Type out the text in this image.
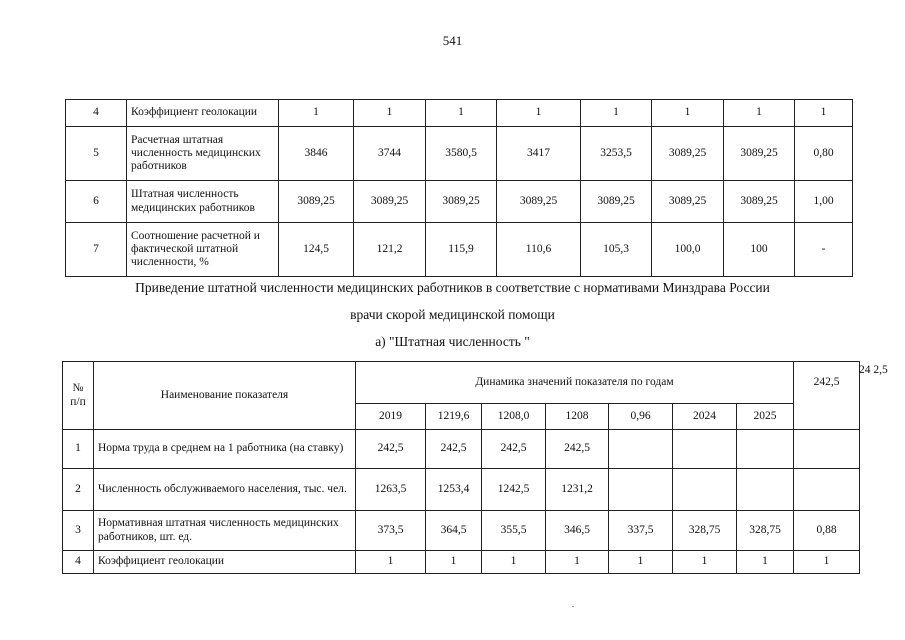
541
4	Коэффициент геолокации	1	1	1	1	1	1	1	1
5	Расчетная штатная численность медицинских работников	3846	3744	3580,5	3417	3253,5	3089,25	3089,25	0,80
6	Штатная численность медицинских работников	3089,25	3089,25	3089,25	3089,25	3089,25	3089,25	3089,25	1,00
7	Соотношение расчетной и фактической штатной численности, %	124,5	121,2	115,9	110,6	105,3	100,0	100	-
Приведение штатной численности медицинских работников в соответствие с нормативами Минздрава России
врачи скорой медицинской помощи
а) "Штатная численность "
№ п/п	Наименование показателя	Динамика значений показателя по годам							242,5
		2019	1219,6	1208,0	1208	0,96	2024	2025	
1	Норма труда в среднем на 1 работника (на ставку)	242,5	242,5	242,5	242,5				
2	Численность обслуживаемого населения, тыс. чел.	1263,5	1253,4	1242,5	1231,2				
3	Нормативная штатная численность медицинских работников, шт. ед.	373,5	364,5	355,5	346,5	337,5	328,75	328,75	0,88
4	Коэффициент геолокации	1	1	1	1	1	1	1	1
24 2,5
